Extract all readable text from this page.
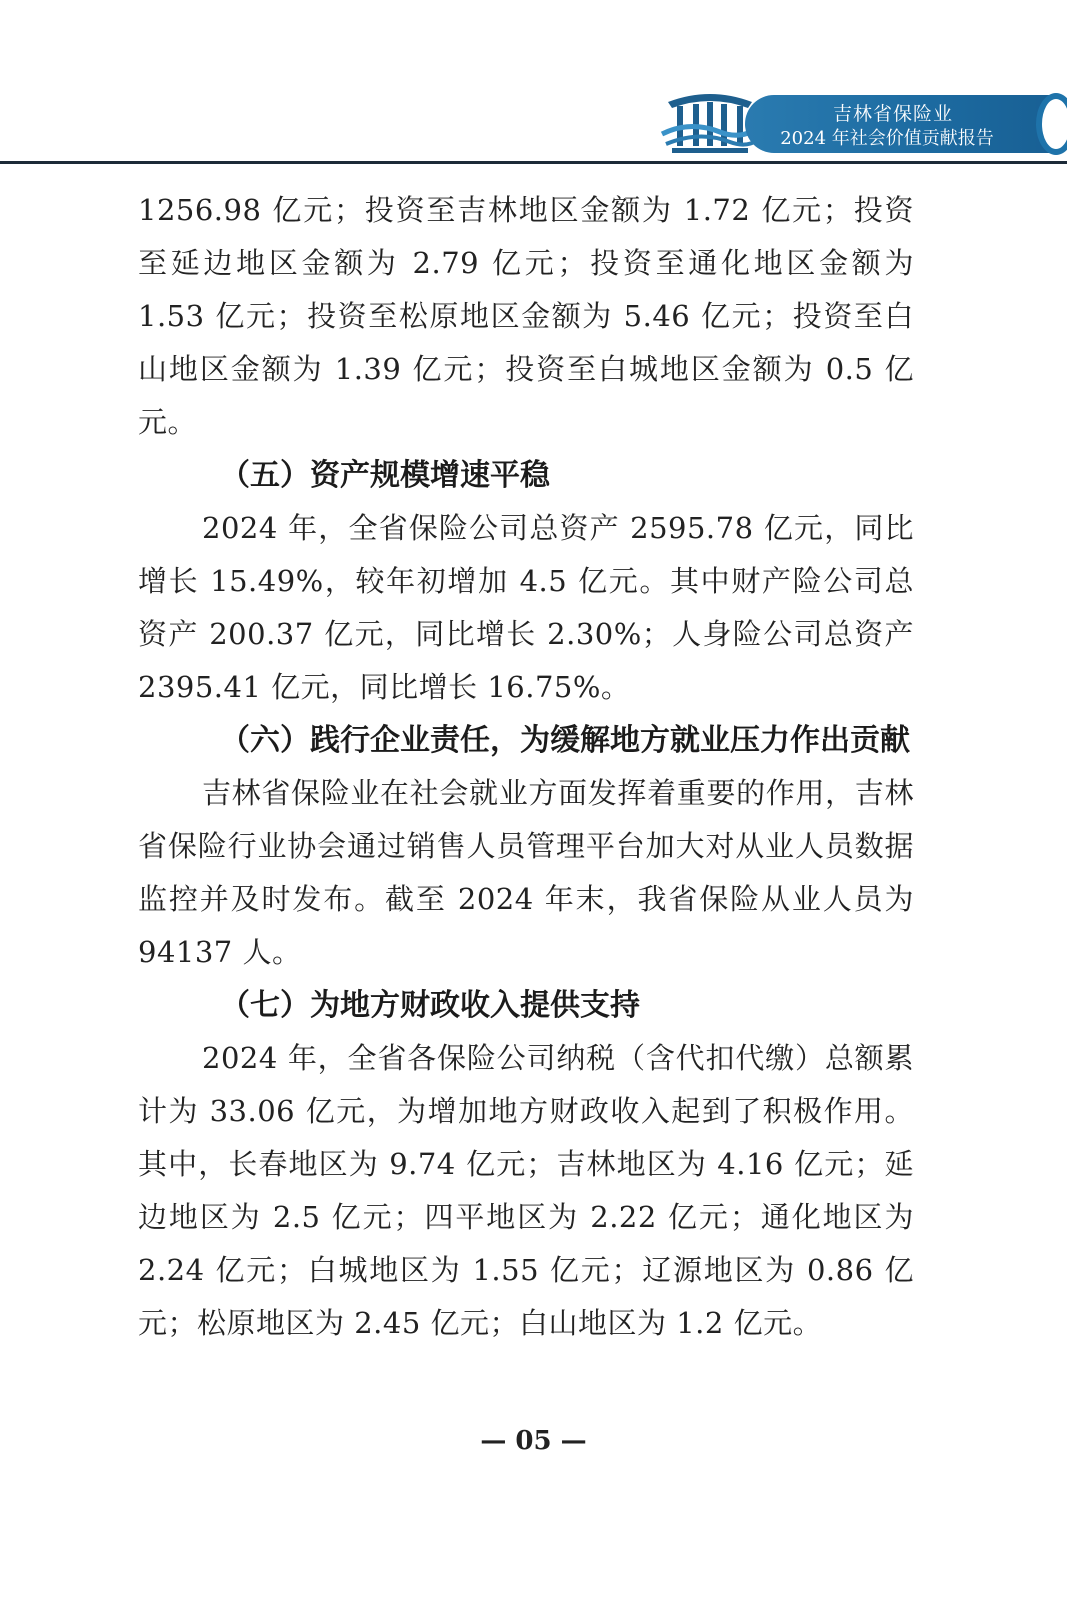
吉林省保险业
2024 年社会价值贡献报告

1256.98 亿元；投资至吉林地区金额为 1.72 亿元；投资至延边地区金额为 2.79 亿元；投资至通化地区金额为 1.53 亿元；投资至松原地区金额为 5.46 亿元；投资至白山地区金额为 1.39 亿元；投资至白城地区金额为 0.5 亿元。

（五）资产规模增速平稳

2024 年，全省保险公司总资产 2595.78 亿元，同比增长 15.49%，较年初增加 4.5 亿元。其中财产险公司总资产 200.37 亿元，同比增长 2.30%；人身险公司总资产 2395.41 亿元，同比增长 16.75%。

（六）践行企业责任，为缓解地方就业压力作出贡献

吉林省保险业在社会就业方面发挥着重要的作用，吉林省保险行业协会通过销售人员管理平台加大对从业人员数据监控并及时发布。截至 2024 年末，我省保险从业人员为 94137 人。

（七）为地方财政收入提供支持

2024 年，全省各保险公司纳税（含代扣代缴）总额累计为 33.06 亿元，为增加地方财政收入起到了积极作用。其中，长春地区为 9.74 亿元；吉林地区为 4.16 亿元；延边地区为 2.5 亿元；四平地区为 2.22 亿元；通化地区为 2.24 亿元；白城地区为 1.55 亿元；辽源地区为 0.86 亿元；松原地区为 2.45 亿元；白山地区为 1.2 亿元。

— 05 —
